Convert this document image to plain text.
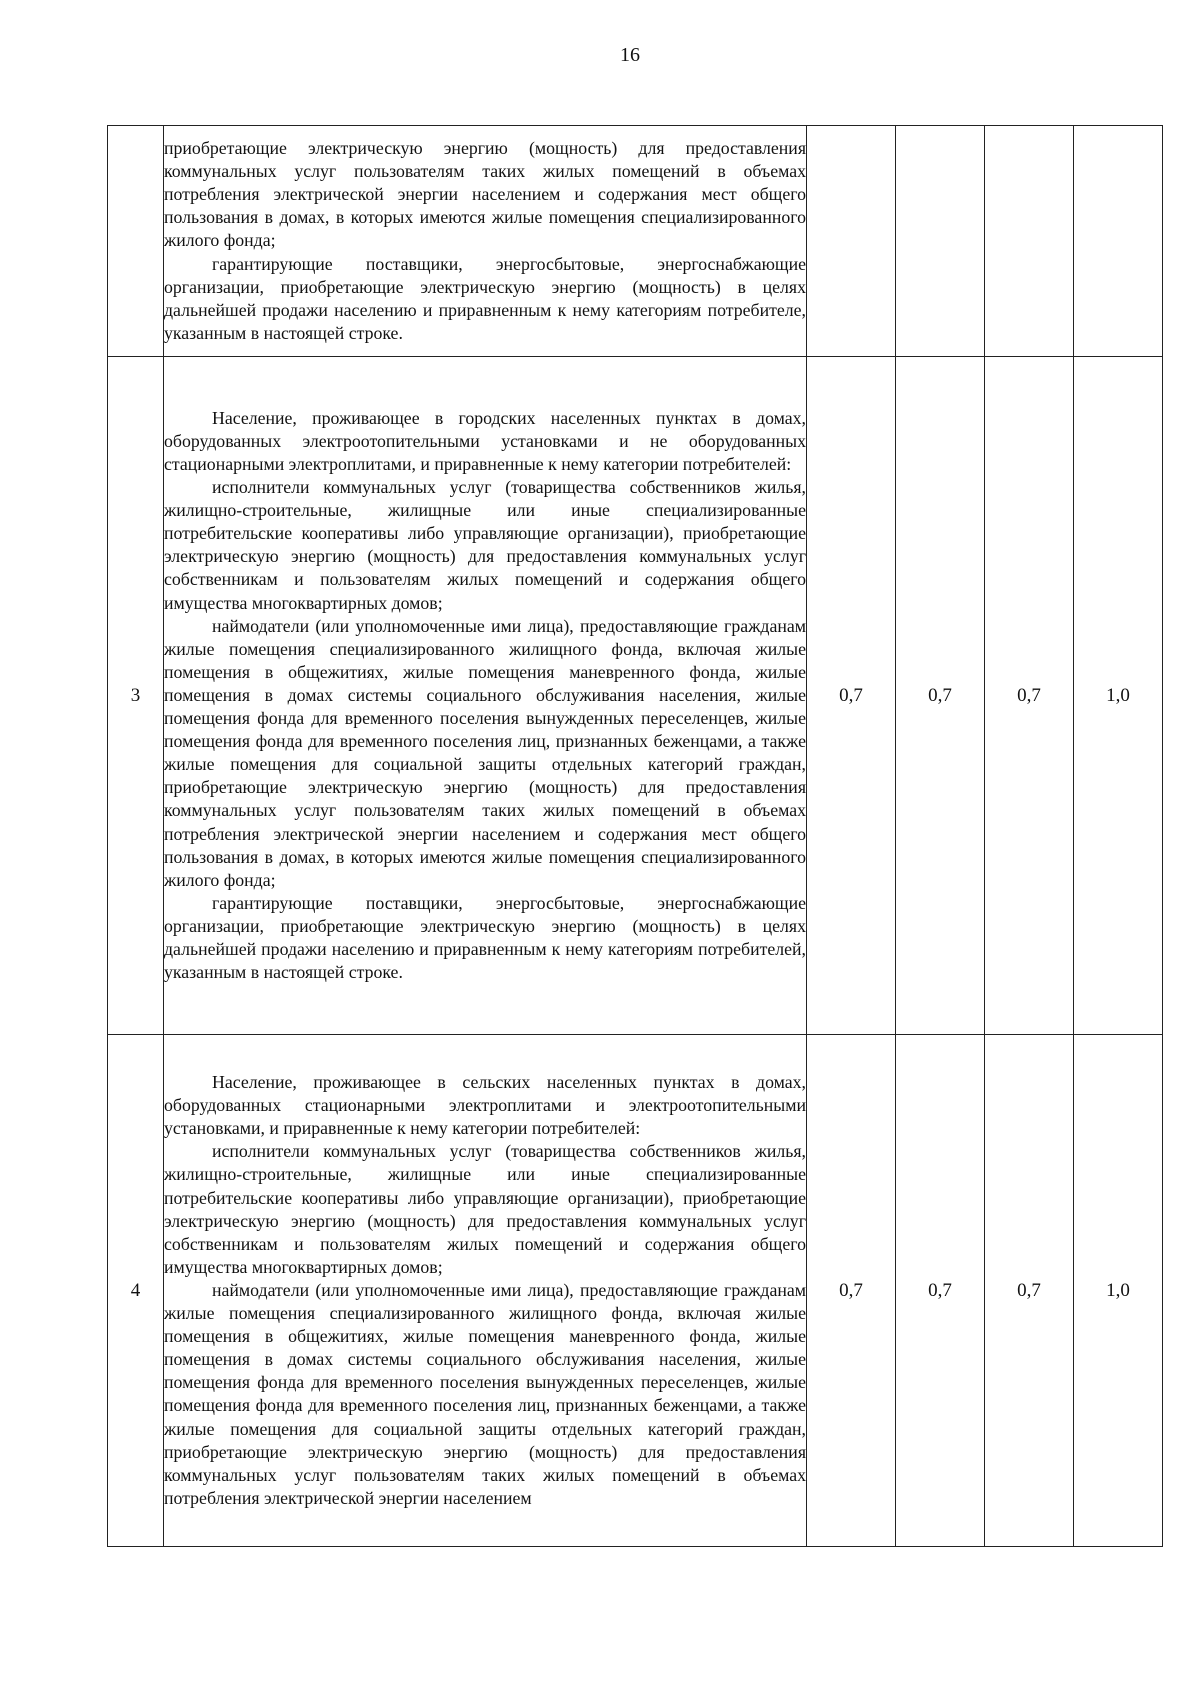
16

	приобретающие электрическую энергию (мощность) для предоставления коммунальных услуг пользователям таких жилых помещений в объемах потребления электрической энергии населением и содержания мест общего пользования в домах, в которых имеются жилые помещения специализированного жилого фонда;

гарантирующие поставщики, энергосбытовые, энергоснабжающие организации, приобретающие электрическую энергию (мощность) в целях дальнейшей продажи населению и приравненным к нему категориям потребителе, указанным в настоящей строке.				

3	Население, проживающее в городских населенных пунктах в домах, оборудованных электроотопительными установками и не оборудованных стационарными электроплитами, и приравненные к нему категории потребителей:

исполнители коммунальных услуг (товарищества собственников жилья, жилищно-строительные, жилищные или иные специализированные потребительские кооперативы либо управляющие организации), приобретающие электрическую энергию (мощность) для предоставления коммунальных услуг собственникам и пользователям жилых помещений и содержания общего имущества многоквартирных домов;

наймодатели (или уполномоченные ими лица), предоставляющие гражданам жилые помещения специализированного жилищного фонда, включая жилые помещения в общежитиях, жилые помещения маневренного фонда, жилые помещения в домах системы социального обслуживания населения, жилые помещения фонда для временного поселения вынужденных переселенцев, жилые помещения фонда для временного поселения лиц, признанных беженцами, а также жилые помещения для социальной защиты отдельных категорий граждан, приобретающие электрическую энергию (мощность) для предоставления коммунальных услуг пользователям таких жилых помещений в объемах потребления электрической энергии населением и содержания мест общего пользования в домах, в которых имеются жилые помещения специализированного жилого фонда;

гарантирующие поставщики, энергосбытовые, энергоснабжающие организации, приобретающие электрическую энергию (мощность) в целях дальнейшей продажи населению и приравненным к нему категориям потребителей, указанным в настоящей строке.	0,7	0,7	0,7	1,0
4	Население, проживающее в сельских населенных пунктах в домах, оборудованных стационарными электроплитами и электроотопительными установками, и приравненные к нему категории потребителей:

исполнители коммунальных услуг (товарищества собственников жилья, жилищно-строительные, жилищные или иные специализированные потребительские кооперативы либо управляющие организации), приобретающие электрическую энергию (мощность) для предоставления коммунальных услуг собственникам и пользователям жилых помещений и содержания общего имущества многоквартирных домов;

наймодатели (или уполномоченные ими лица), предоставляющие гражданам жилые помещения специализированного жилищного фонда, включая жилые помещения в общежитиях, жилые помещения маневренного фонда, жилые помещения в домах системы социального обслуживания населения, жилые помещения фонда для временного поселения вынужденных переселенцев, жилые помещения фонда для временного поселения лиц, признанных беженцами, а также жилые помещения для социальной защиты отдельных категорий граждан, приобретающие электрическую энергию (мощность) для предоставления коммунальных услуг пользователям таких жилых помещений в объемах потребления электрической энергии населением	0,7	0,7	0,7	1,0
